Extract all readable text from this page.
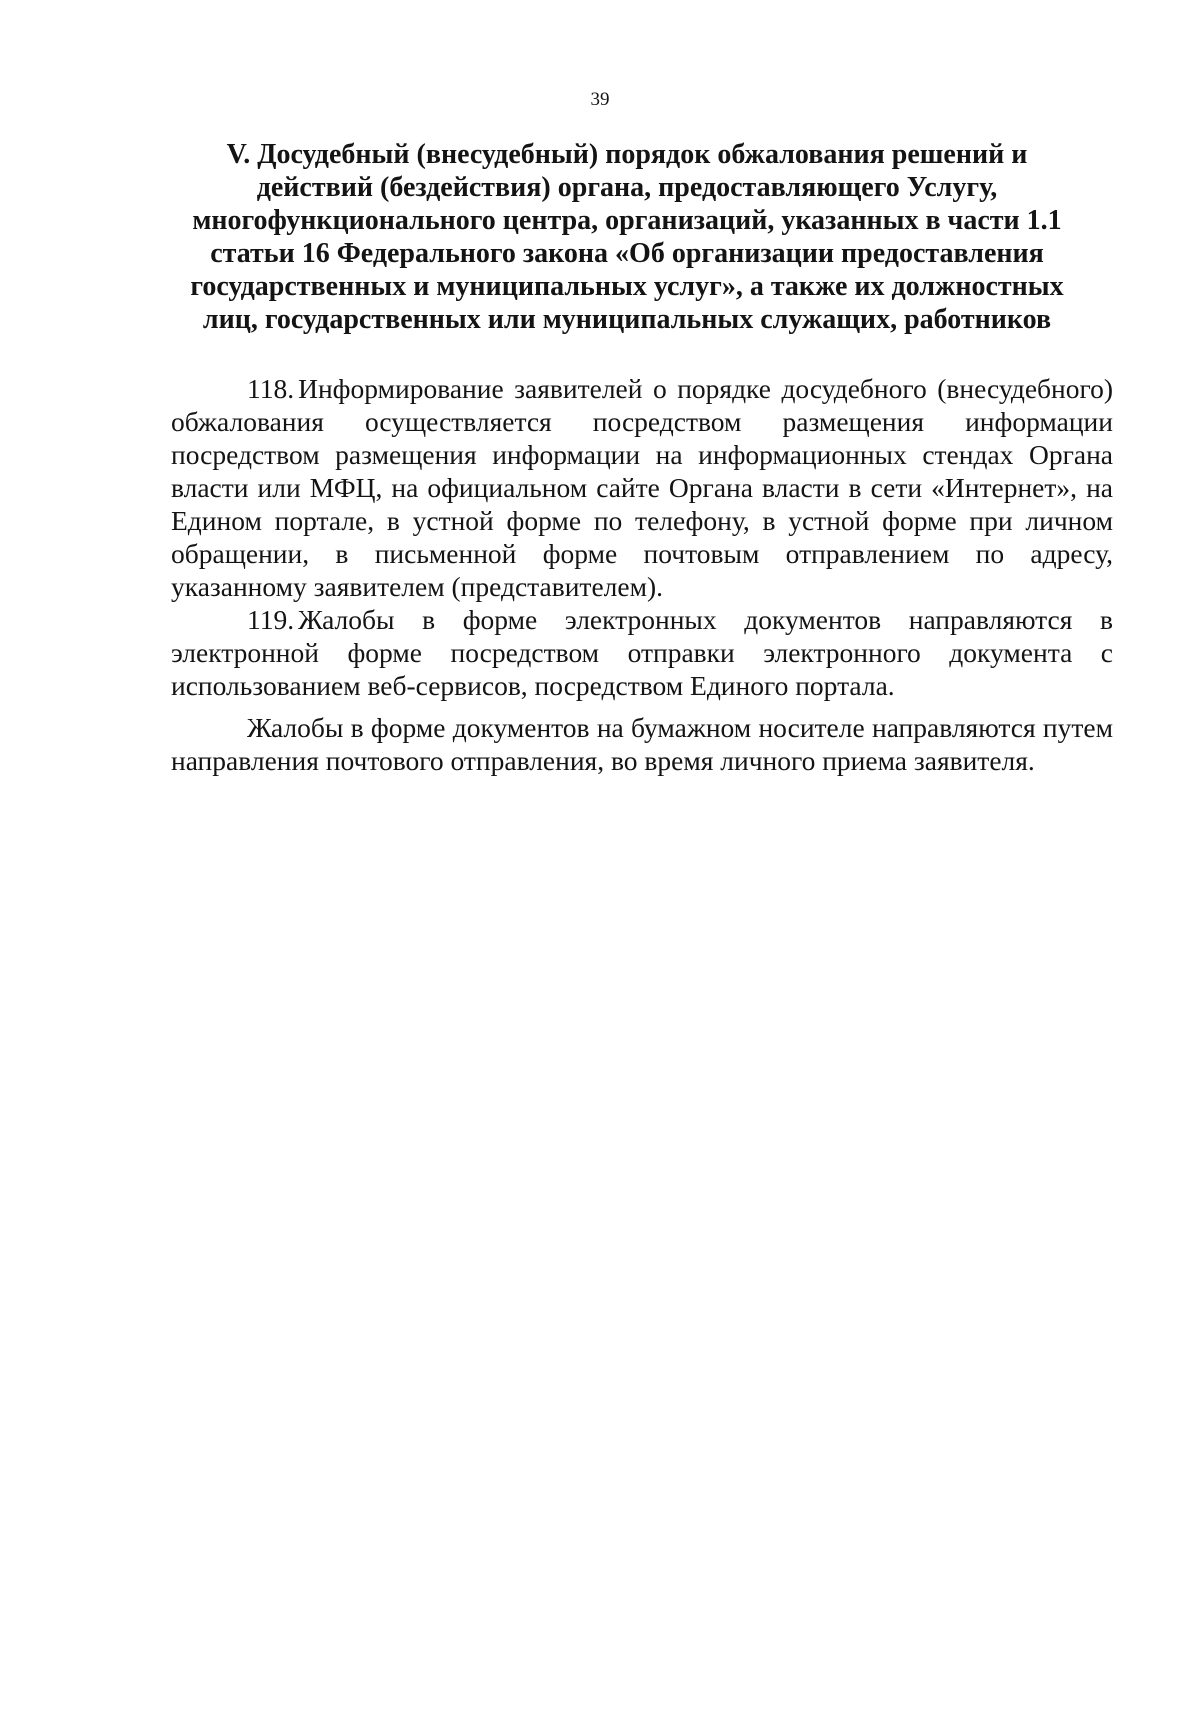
39
V. Досудебный (внесудебный) порядок обжалования решений и
действий (бездействия) органа, предоставляющего Услугу,
многофункционального центра, организаций, указанных в части 1.1
статьи 16 Федерального закона «Об организации предоставления
государственных и муниципальных услуг», а также их должностных
лиц, государственных или муниципальных служащих, работников

118. Информирование заявителей о порядке досудебного (внесудебного) обжалования осуществляется посредством размещения информации посредством размещения информации на информационных стендах Органа власти или МФЦ, на официальном сайте Органа власти в сети «Интернет», на Едином портале, в устной форме по телефону, в устной форме при личном обращении, в письменной форме почтовым отправлением по адресу, указанному заявителем (представителем).

119. Жалобы в форме электронных документов направляются в электронной форме посредством отправки электронного документа с использованием веб-сервисов, посредством Единого портала.

Жалобы в форме документов на бумажном носителе направляются путем направления почтового отправления, во время личного приема заявителя.
